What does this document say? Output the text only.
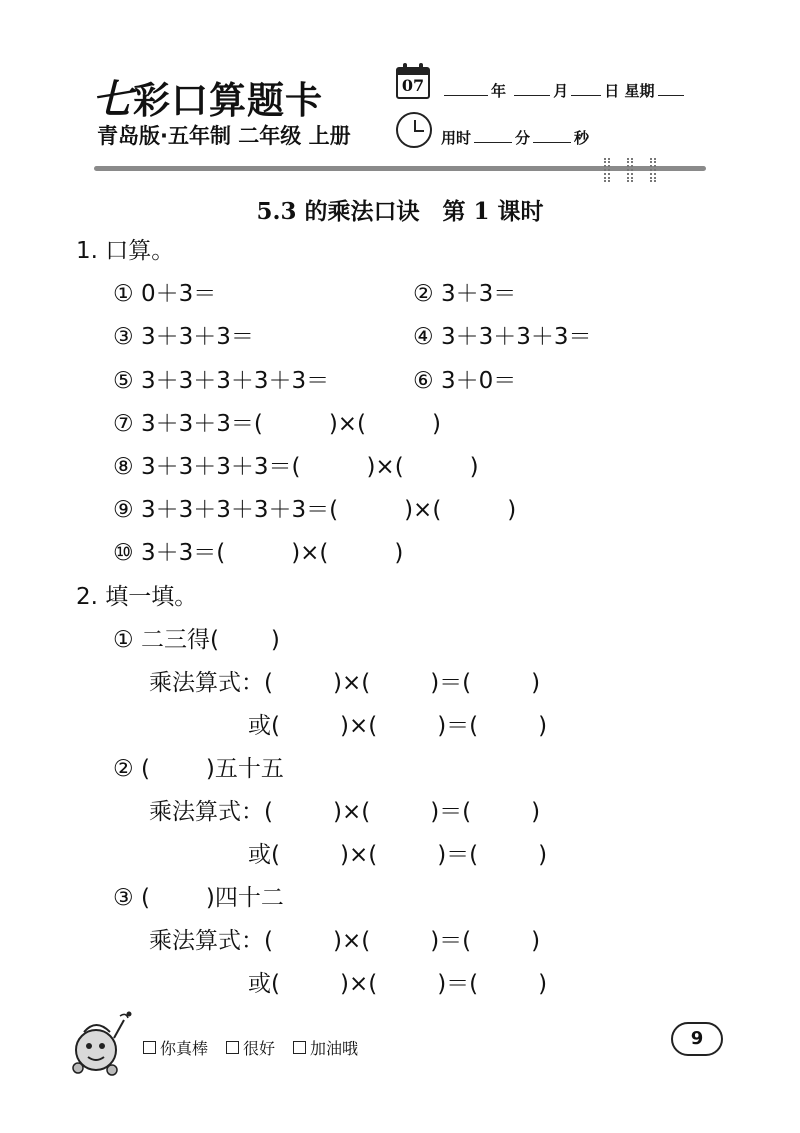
七彩口算题卡
青岛版·五年制 二年级 上册
07	年	月 日 星期
用时	分	秒
5.3 的乘法口诀　第 1 课时
1. 口算。
① 0＋3＝	② 3＋3＝
③ 3＋3＋3＝	④ 3＋3＋3＋3＝
⑤ 3＋3＋3＋3＋3＝	⑥ 3＋0＝
⑦ 3＋3＋3＝(	)×(	)
⑧ 3＋3＋3＋3＝(	)×(	)
⑨ 3＋3＋3＋3＋3＝(	)×(	)
⑩ 3＋3＝(	)×(	)
2. 填一填。
① 二三得( )
乘法算式：(	)×(	)＝(	)
或(	)×(	)＝(	)
② ( )五十五
乘法算式：(	)×(	)＝(	)
或(	)×(	)＝(	)
③ ( )四十二
乘法算式：(	)×(	)＝(	)
或(	)×(	)＝(	)
你真棒 很好 加油哦	9
